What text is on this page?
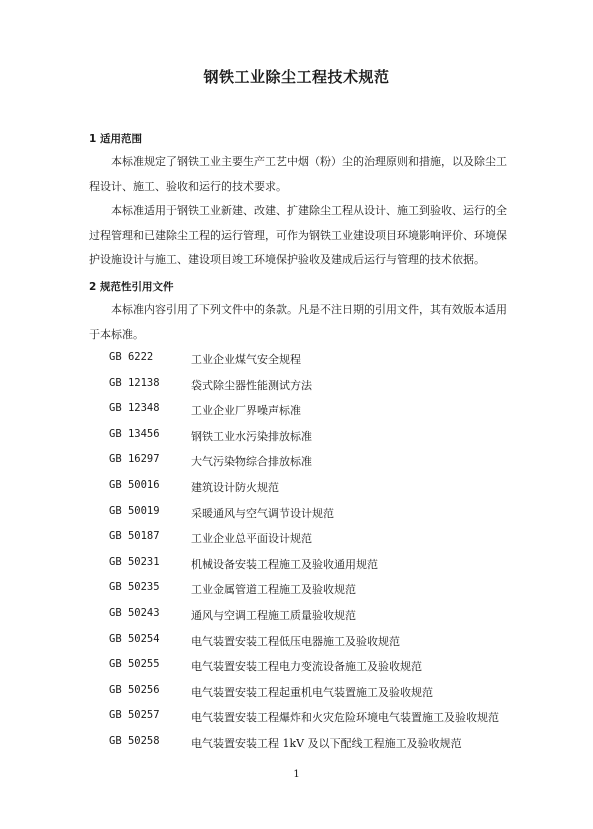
钢铁工业除尘工程技术规范
1 适用范围
本标准规定了钢铁工业主要生产工艺中烟（粉）尘的治理原则和措施，以及除尘工程设计、施工、验收和运行的技术要求。
本标准适用于钢铁工业新建、改建、扩建除尘工程从设计、施工到验收、运行的全过程管理和已建除尘工程的运行管理，可作为钢铁工业建设项目环境影响评价、环境保护设施设计与施工、建设项目竣工环境保护验收及建成后运行与管理的技术依据。
2 规范性引用文件
本标准内容引用了下列文件中的条款。凡是不注日期的引用文件，其有效版本适用于本标准。
GB 6222	工业企业煤气安全规程
GB 12138	袋式除尘器性能测试方法
GB 12348	工业企业厂界噪声标准
GB 13456	钢铁工业水污染排放标准
GB 16297	大气污染物综合排放标准
GB 50016	建筑设计防火规范
GB 50019	采暖通风与空气调节设计规范
GB 50187	工业企业总平面设计规范
GB 50231	机械设备安装工程施工及验收通用规范
GB 50235	工业金属管道工程施工及验收规范
GB 50243	通风与空调工程施工质量验收规范
GB 50254	电气装置安装工程低压电器施工及验收规范
GB 50255	电气装置安装工程电力变流设备施工及验收规范
GB 50256	电气装置安装工程起重机电气装置施工及验收规范
GB 50257	电气装置安装工程爆炸和火灾危险环境电气装置施工及验收规范
GB 50258	电气装置安装工程 1kV 及以下配线工程施工及验收规范
1
